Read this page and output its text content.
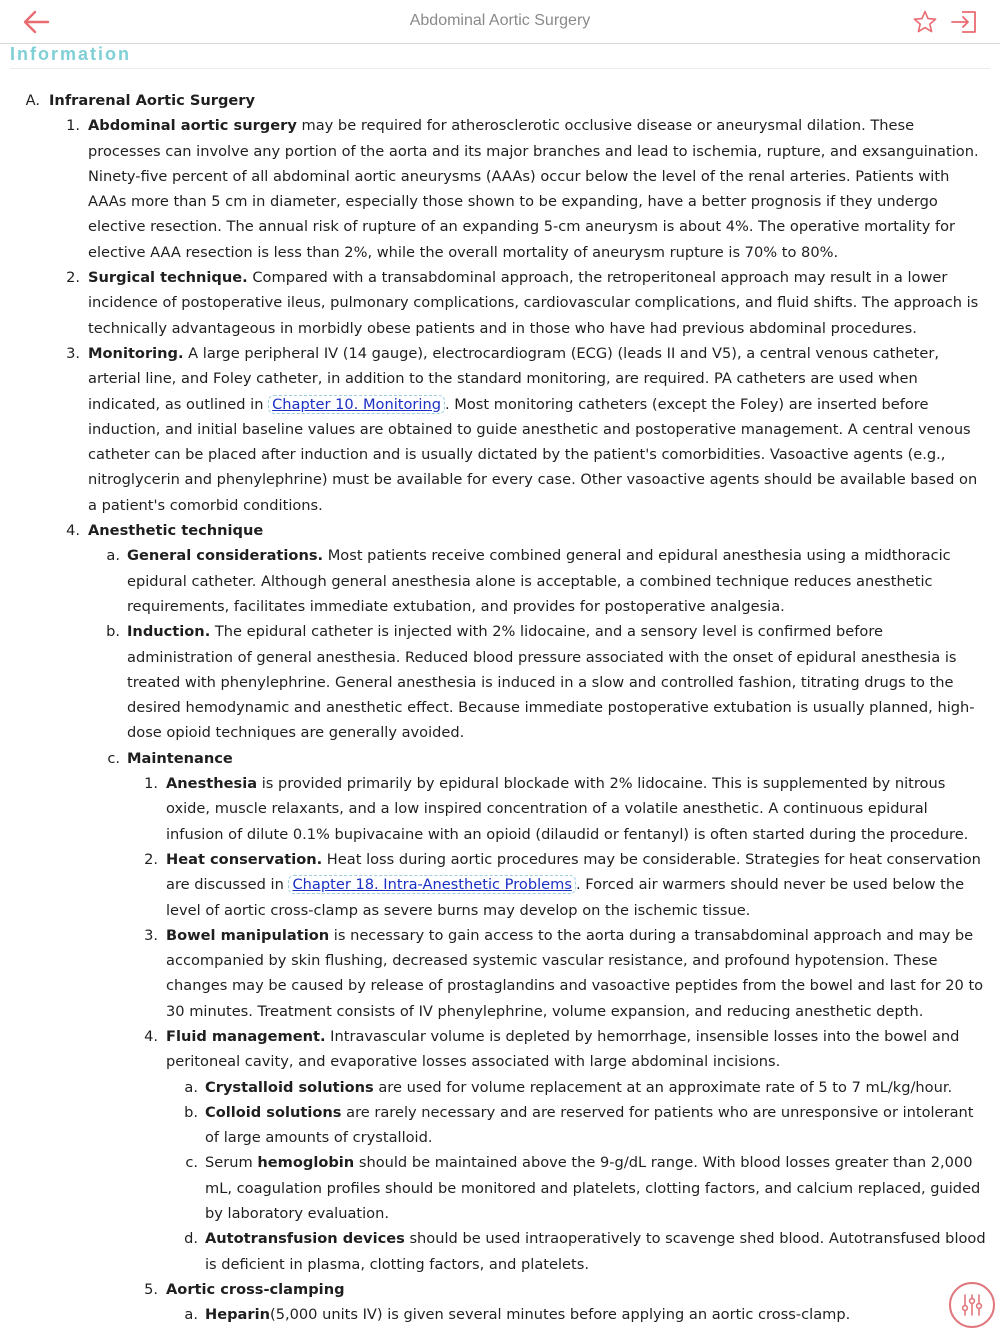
Abdominal Aortic Surgery
Information
A. Infrarenal Aortic Surgery
1. Abdominal aortic surgery may be required for atherosclerotic occlusive disease or aneurysmal dilation. These processes can involve any portion of the aorta and its major branches and lead to ischemia, rupture, and exsanguination. Ninety-five percent of all abdominal aortic aneurysms (AAAs) occur below the level of the renal arteries. Patients with AAAs more than 5 cm in diameter, especially those shown to be expanding, have a better prognosis if they undergo elective resection. The annual risk of rupture of an expanding 5-cm aneurysm is about 4%. The operative mortality for elective AAA resection is less than 2%, while the overall mortality of aneurysm rupture is 70% to 80%.
2. Surgical technique. Compared with a transabdominal approach, the retroperitoneal approach may result in a lower incidence of postoperative ileus, pulmonary complications, cardiovascular complications, and fluid shifts. The approach is technically advantageous in morbidly obese patients and in those who have had previous abdominal procedures.
3. Monitoring. A large peripheral IV (14 gauge), electrocardiogram (ECG) (leads II and V5), a central venous catheter, arterial line, and Foley catheter, in addition to the standard monitoring, are required. PA catheters are used when indicated, as outlined in Chapter 10. Monitoring . Most monitoring catheters (except the Foley) are inserted before induction, and initial baseline values are obtained to guide anesthetic and postoperative management. A central venous catheter can be placed after induction and is usually dictated by the patient's comorbidities. Vasoactive agents (e.g., nitroglycerin and phenylephrine) must be available for every case. Other vasoactive agents should be available based on a patient's comorbid conditions.
4. Anesthetic technique
a. General considerations. Most patients receive combined general and epidural anesthesia using a midthoracic epidural catheter. Although general anesthesia alone is acceptable, a combined technique reduces anesthetic requirements, facilitates immediate extubation, and provides for postoperative analgesia.
b. Induction. The epidural catheter is injected with 2% lidocaine, and a sensory level is confirmed before administration of general anesthesia. Reduced blood pressure associated with the onset of epidural anesthesia is treated with phenylephrine. General anesthesia is induced in a slow and controlled fashion, titrating drugs to the desired hemodynamic and anesthetic effect. Because immediate postoperative extubation is usually planned, high-dose opioid techniques are generally avoided.
c. Maintenance
1. Anesthesia is provided primarily by epidural blockade with 2% lidocaine. This is supplemented by nitrous oxide, muscle relaxants, and a low inspired concentration of a volatile anesthetic. A continuous epidural infusion of dilute 0.1% bupivacaine with an opioid (dilaudid or fentanyl) is often started during the procedure.
2. Heat conservation. Heat loss during aortic procedures may be considerable. Strategies for heat conservation are discussed in Chapter 18. Intra-Anesthetic Problems . Forced air warmers should never be used below the level of aortic cross-clamp as severe burns may develop on the ischemic tissue.
3. Bowel manipulation is necessary to gain access to the aorta during a transabdominal approach and may be accompanied by skin flushing, decreased systemic vascular resistance, and profound hypotension. These changes may be caused by release of prostaglandins and vasoactive peptides from the bowel and last for 20 to 30 minutes. Treatment consists of IV phenylephrine, volume expansion, and reducing anesthetic depth.
4. Fluid management. Intravascular volume is depleted by hemorrhage, insensible losses into the bowel and peritoneal cavity, and evaporative losses associated with large abdominal incisions.
a. Crystalloid solutions are used for volume replacement at an approximate rate of 5 to 7 mL/kg/hour.
b. Colloid solutions are rarely necessary and are reserved for patients who are unresponsive or intolerant of large amounts of crystalloid.
c. Serum hemoglobin should be maintained above the 9-g/dL range. With blood losses greater than 2,000 mL, coagulation profiles should be monitored and platelets, clotting factors, and calcium replaced, guided by laboratory evaluation.
d. Autotransfusion devices should be used intraoperatively to scavenge shed blood. Autotransfused blood is deficient in plasma, clotting factors, and platelets.
5. Aortic cross-clamping
a. Heparin(5,000 units IV) is given several minutes before applying an aortic cross-clamp.
